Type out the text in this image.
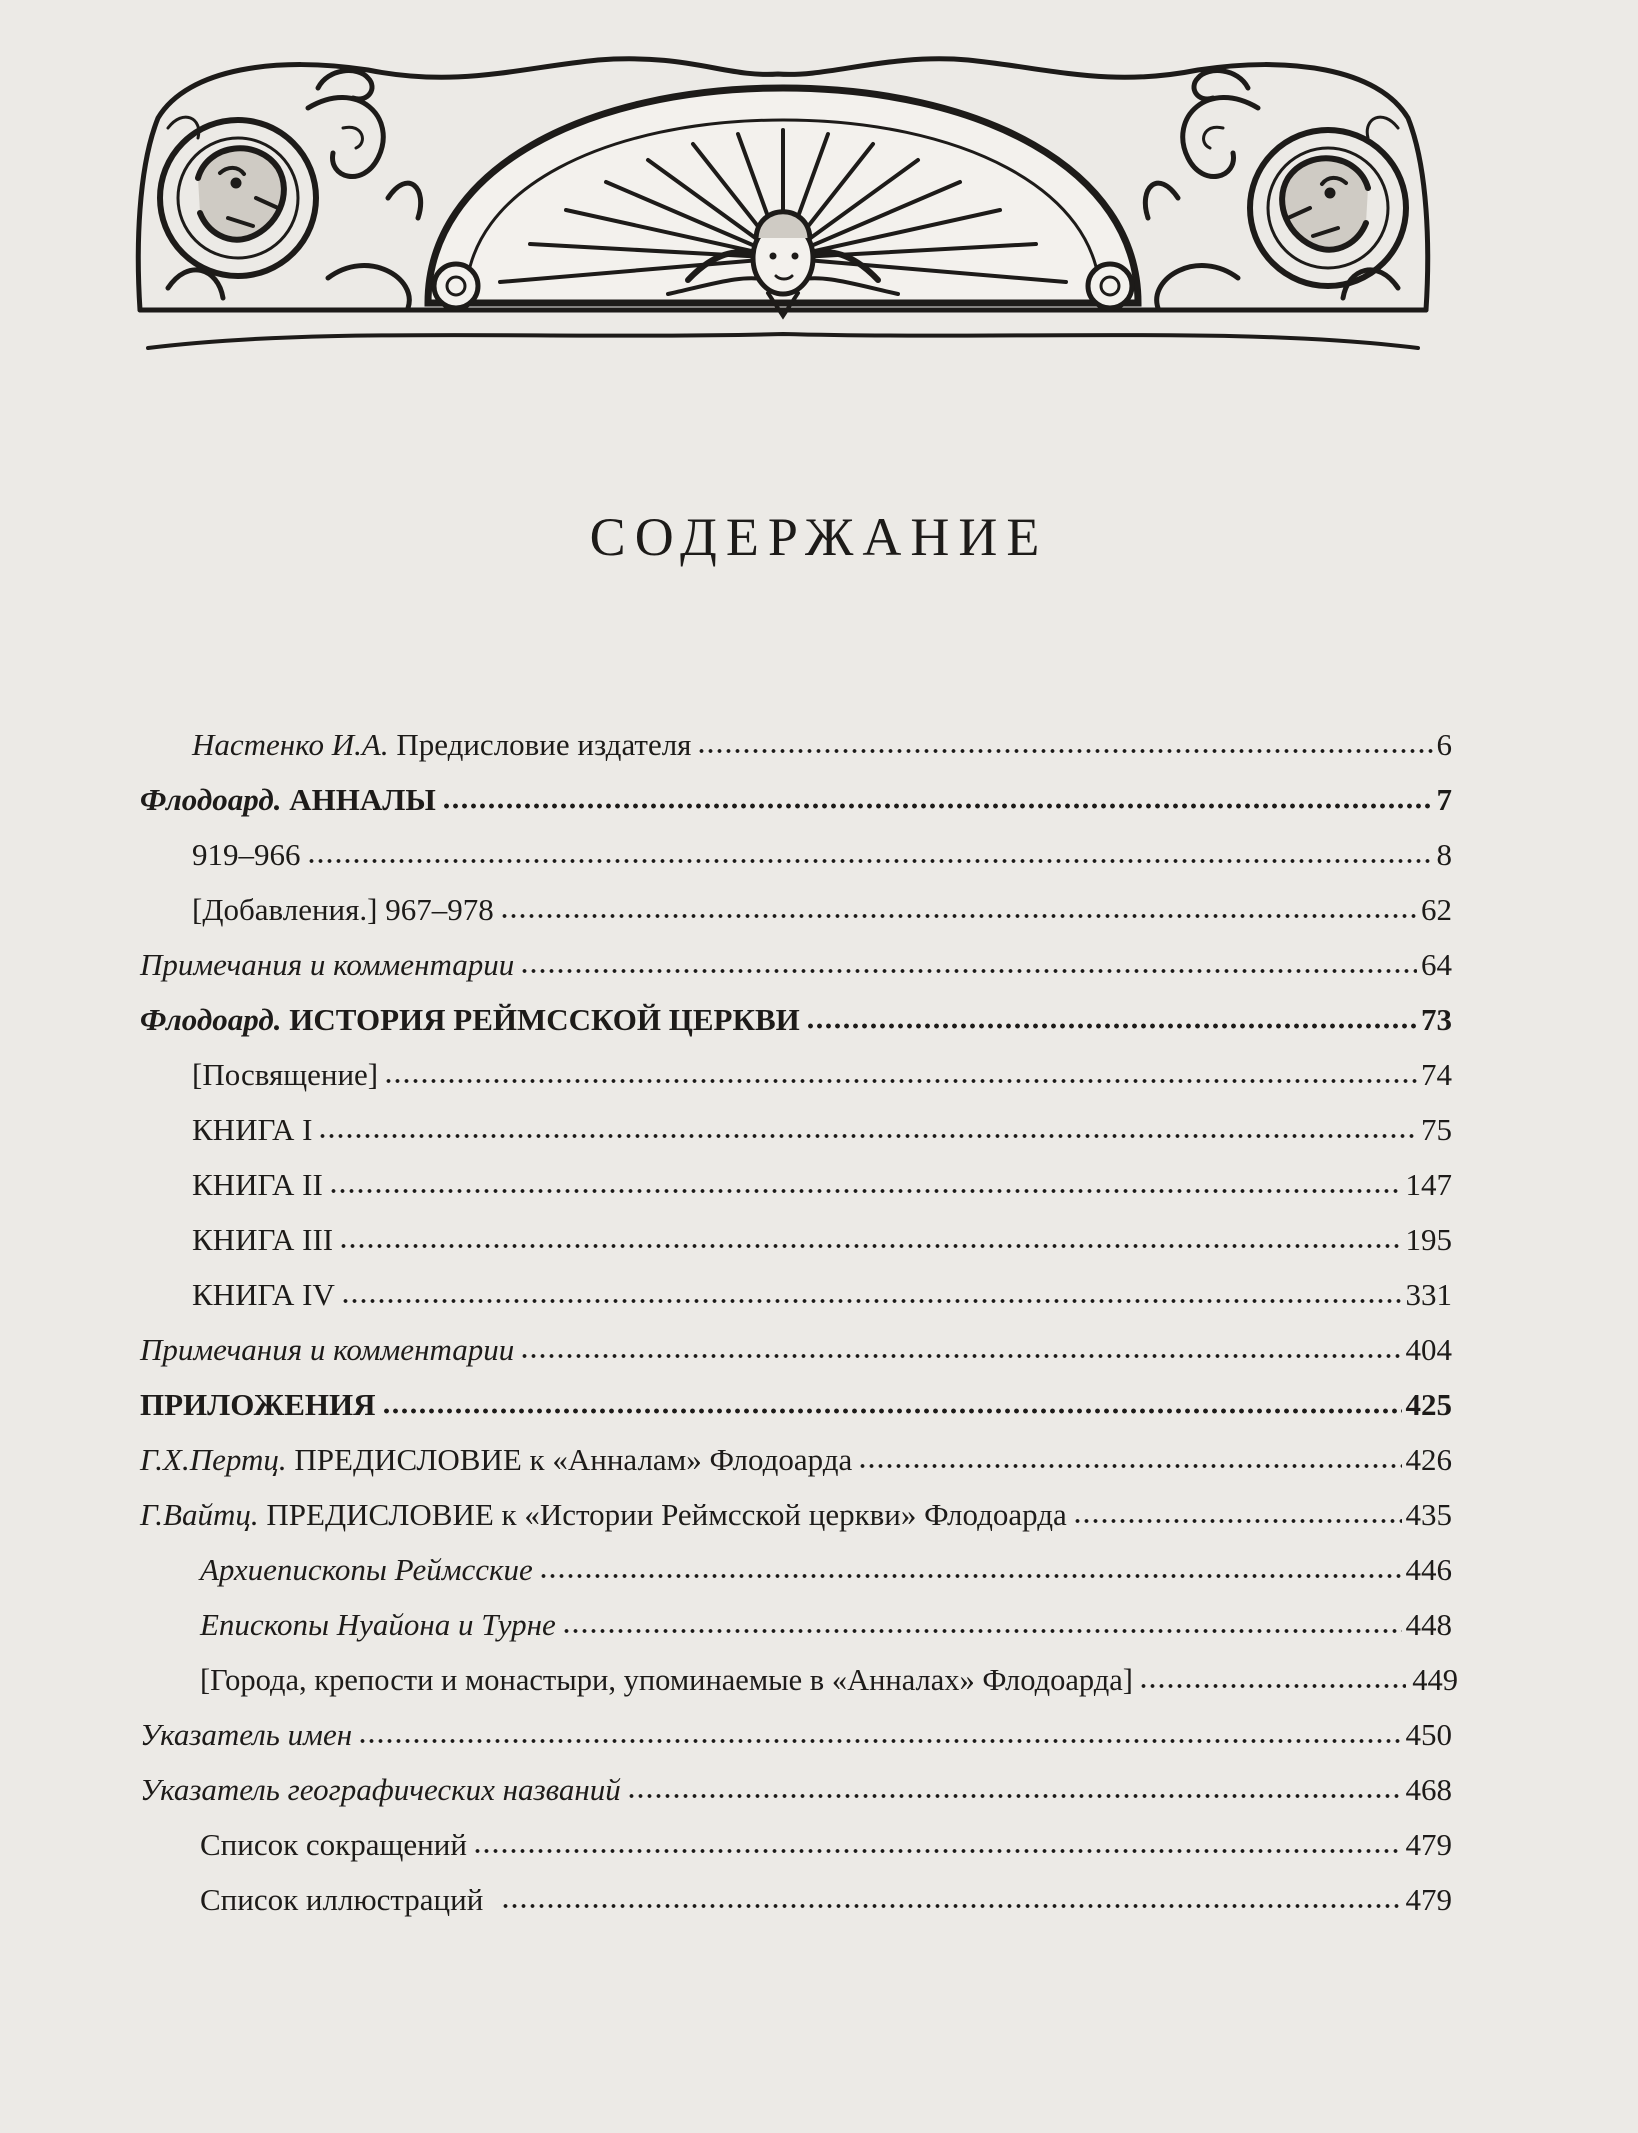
СОДЕРЖАНИЕ
Настенко И.А. Предисловие издателя	6
Флодоард. АННАЛЫ	7
919–966	8
[Добавления.] 967–978	62
Примечания и комментарии	64
Флодоард. ИСТОРИЯ РЕЙМССКОЙ ЦЕРКВИ	73
[Посвящение]	74
КНИГА I	75
КНИГА II	147
КНИГА III	195
КНИГА IV	331
Примечания и комментарии	404
ПРИЛОЖЕНИЯ	425
Г.Х.Пертц. ПРЕДИСЛОВИЕ к «Анналам» Флодоарда	426
Г.Вайтц. ПРЕДИСЛОВИЕ к «Истории Реймсской церкви» Флодоарда	435
Архиепископы Реймсские	446
Епископы Нуайона и Турне	448
[Города, крепости и монастыри, упоминаемые в «Анналах» Флодоарда]	449
Указатель имен	450
Указатель географических названий	468
Список сокращений	479
Список иллюстраций	479
